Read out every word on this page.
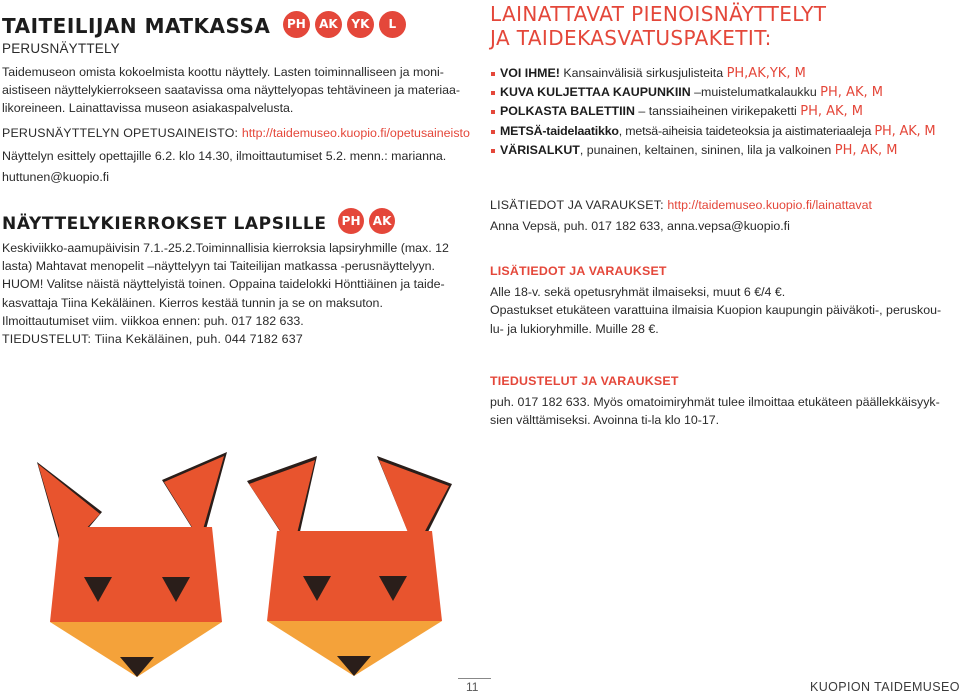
TAITEILIJAN MATKASSA PH AK YK L
PERUSNÄYTTELY

Taidemuseon omista kokoelmista koottu näyttely. Lasten toiminnalliseen ja moni-

aistiseen näyttelykierrokseen saatavissa oma näyttelyopas tehtävineen ja materiaa-

likoreineen. Lainattavissa museon asiakaspalvelusta.

PERUSNÄYTTELYN OPETUSAINEISTO: http://taidemuseo.kuopio.fi/opetusaineisto

Näyttelyn esittely opettajille 6.2. klo 14.30, ilmoittautumiset 5.2. menn.: marianna.

huttunen@kuopio.fi

NÄYTTELYKIERROKSET LAPSILLE PH AK

Keskiviikko-aamupäivisin 7.1.-25.2.Toiminnallisia kierroksia lapsiryhmille (max. 12

lasta) Mahtavat menopelit –näyttelyyn tai Taiteilijan matkassa -perusnäyttelyyn.

HUOM! Valitse näistä näyttelyistä toinen. Oppaina taidelokki Hönttiäinen ja taide-

kasvattaja Tiina Kekäläinen. Kierros kestää tunnin ja se on maksuton.

Ilmoittautumiset viim. viikkoa ennen: puh. 017 182 633.

TIEDUSTELUT: Tiina Kekäläinen, puh. 044 7182 637

LAINATTAVAT PIENOISNÄYTTELYT
JA TAIDEKASVATUSPAKETIT:
VOI IHME! Kansainvälisiä sirkusjulisteita PH,AK,YK, M
KUVA KULJETTAA KAUPUNKIIN –muistelumatkalaukku PH, AK, M
POLKASTA BALETTIIN – tanssiaiheinen virikepaketti PH, AK, M
METSÄ-taidelaatikko, metsä-aiheisia taideteoksia ja aistimateriaaleja PH, AK, M
VÄRISALKUT, punainen, keltainen, sininen, lila ja valkoinen PH, AK, M

LISÄTIEDOT JA VARAUKSET: http://taidemuseo.kuopio.fi/lainattavat

Anna Vepsä, puh. 017 182 633, anna.vepsa@kuopio.fi

LISÄTIEDOT JA VARAUKSET

Alle 18-v. sekä opetusryhmät ilmaiseksi, muut 6 €/4 €.

Opastukset etukäteen varattuina ilmaisia Kuopion kaupungin päiväkoti-, peruskou-

lu- ja lukioryhmille. Muille 28 €.

TIEDUSTELUT JA VARAUKSET

puh. 017 182 633. Myös omatoimiryhmät tulee ilmoittaa etukäteen päällekkäisyyk-

sien välttämiseksi. Avoinna ti-la klo 10-17.

11	KUOPION TAIDEMUSEO
